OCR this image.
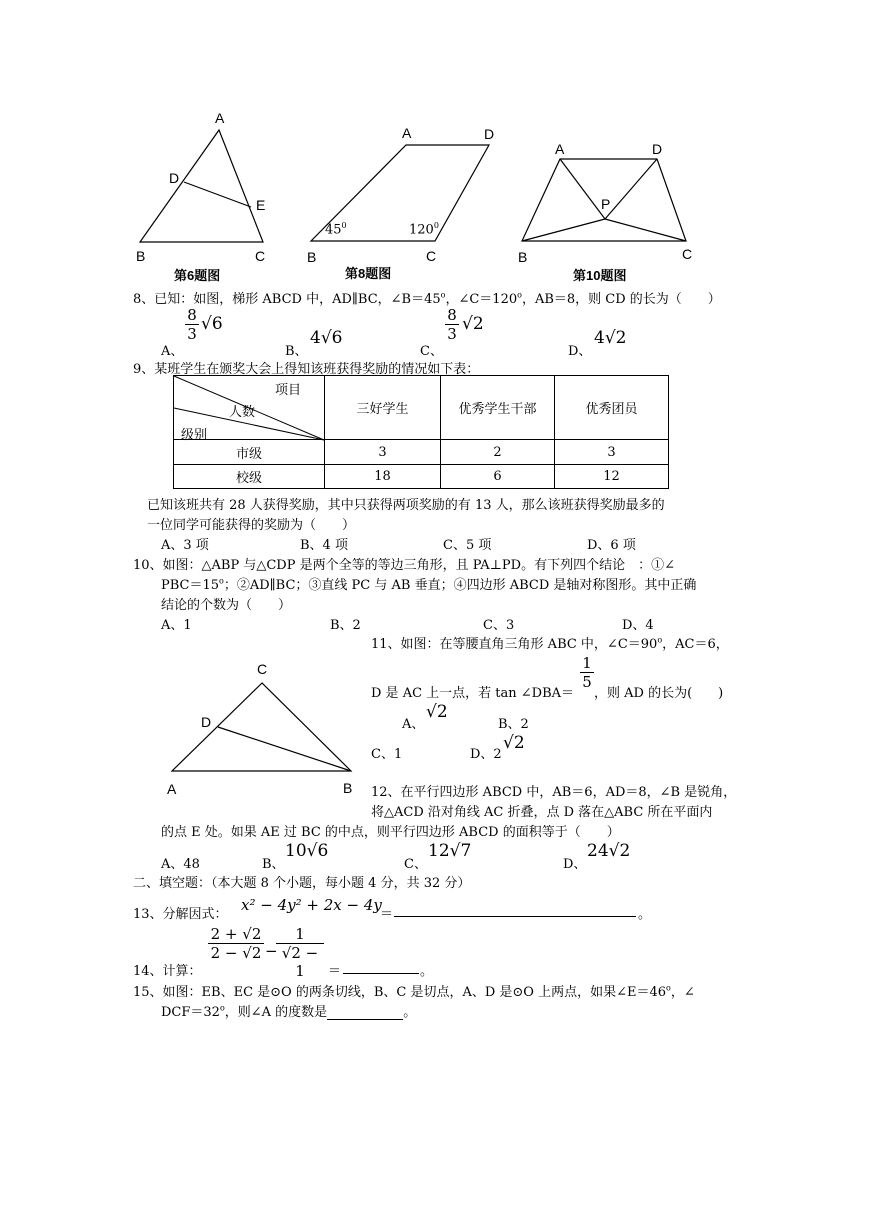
A
D
E
B	C
第6题图
A	D
B	C
$45^0$	$120^0$
第8题图
A	D
P
B	C
第10题图
8、已知：如图，梯形 ABCD 中，AD∥BC，$\angle B=45^o$，$\angle C=120^o$，AB＝8，则 CD 的长为（　　）
A、
$\frac{8}{3} √6$
B、
4√6
C、
$\frac{8}{3} √2$
D、
4√2
9、某班学生在颁奖大会上得知该班获得奖励的情况如下表：
项目
人数
级别	三好学生	优秀学生干部	优秀团员
市级	3	2	3
校级	18	6	12
已知该班共有 28 人获得奖励，其中只获得两项奖励的有 13 人，那么该班获得奖励最多的
一位同学可能获得的奖励为（　　）
A、3 项	B、4 项	C、5 项	D、6 项
10、如图：△ABP 与△CDP 是两个全等的等边三角形，且 PA⊥PD。有下列四个结论　：①∠
$PBC=15^o$；②AD∥BC；③直线 PC 与 AB 垂直；④四边形 ABCD 是轴对称图形。其中正确
结论的个数为（　　）
A、1	B、2	C、3	D、4
C
D
A	B
11、如图：在等腰直角三角形 ABC 中，$\angle C=90^o$，AC＝6，
D 是 AC 上一点，若 tan ∠DBA＝ ，则 AD 的长为(　　)
$\frac{1}{5}$
A、
√2
B、2
C、1	D、2
√2
12、在平行四边形 ABCD 中，AB＝6，AD＝8，∠B 是锐角，
将△ACD 沿对角线 AC 折叠，点 D 落在△ABC 所在平面内
的点 E 处。如果 AE 过 BC 的中点，则平行四边形 ABCD 的面积等于（　　）
A、48	B、
10√6
C、
12√7
D、
24√2
二、填空题：（本大题 8 个小题，每小题 4 分，共 32 分）
13、分解因式：
x² − 4y² + 2x − 4y
＝	。
14、计算：
$\frac{2 + √2}{2 - √2}$ −
$\frac{1}{√2 - 1}$ ＝	。
15、如图：EB、EC 是⊙O 的两条切线，B、C 是切点，A、D 是⊙O 上两点，如果$\angle E=46^o$，∠
$DCF=32^o$，则∠A 的度数是	。
